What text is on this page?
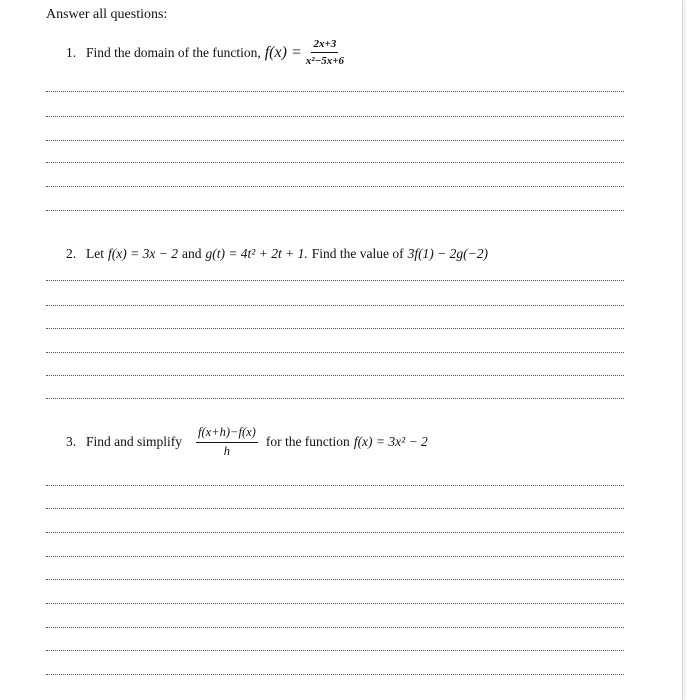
Answer all questions:
1. Find the domain of the function, $f(x) = \frac{2x+3}{\text{x²−5x+6}}$
2. Let f(x) = 3x − 2 and g(t) = 4t² + 2t + 1. Find the value of 3f(1) − 2g(−2)
3. Find and simplify $\frac{f(x+h)-f(x)}{h}$ for the function f(x) = 3x² − 2
